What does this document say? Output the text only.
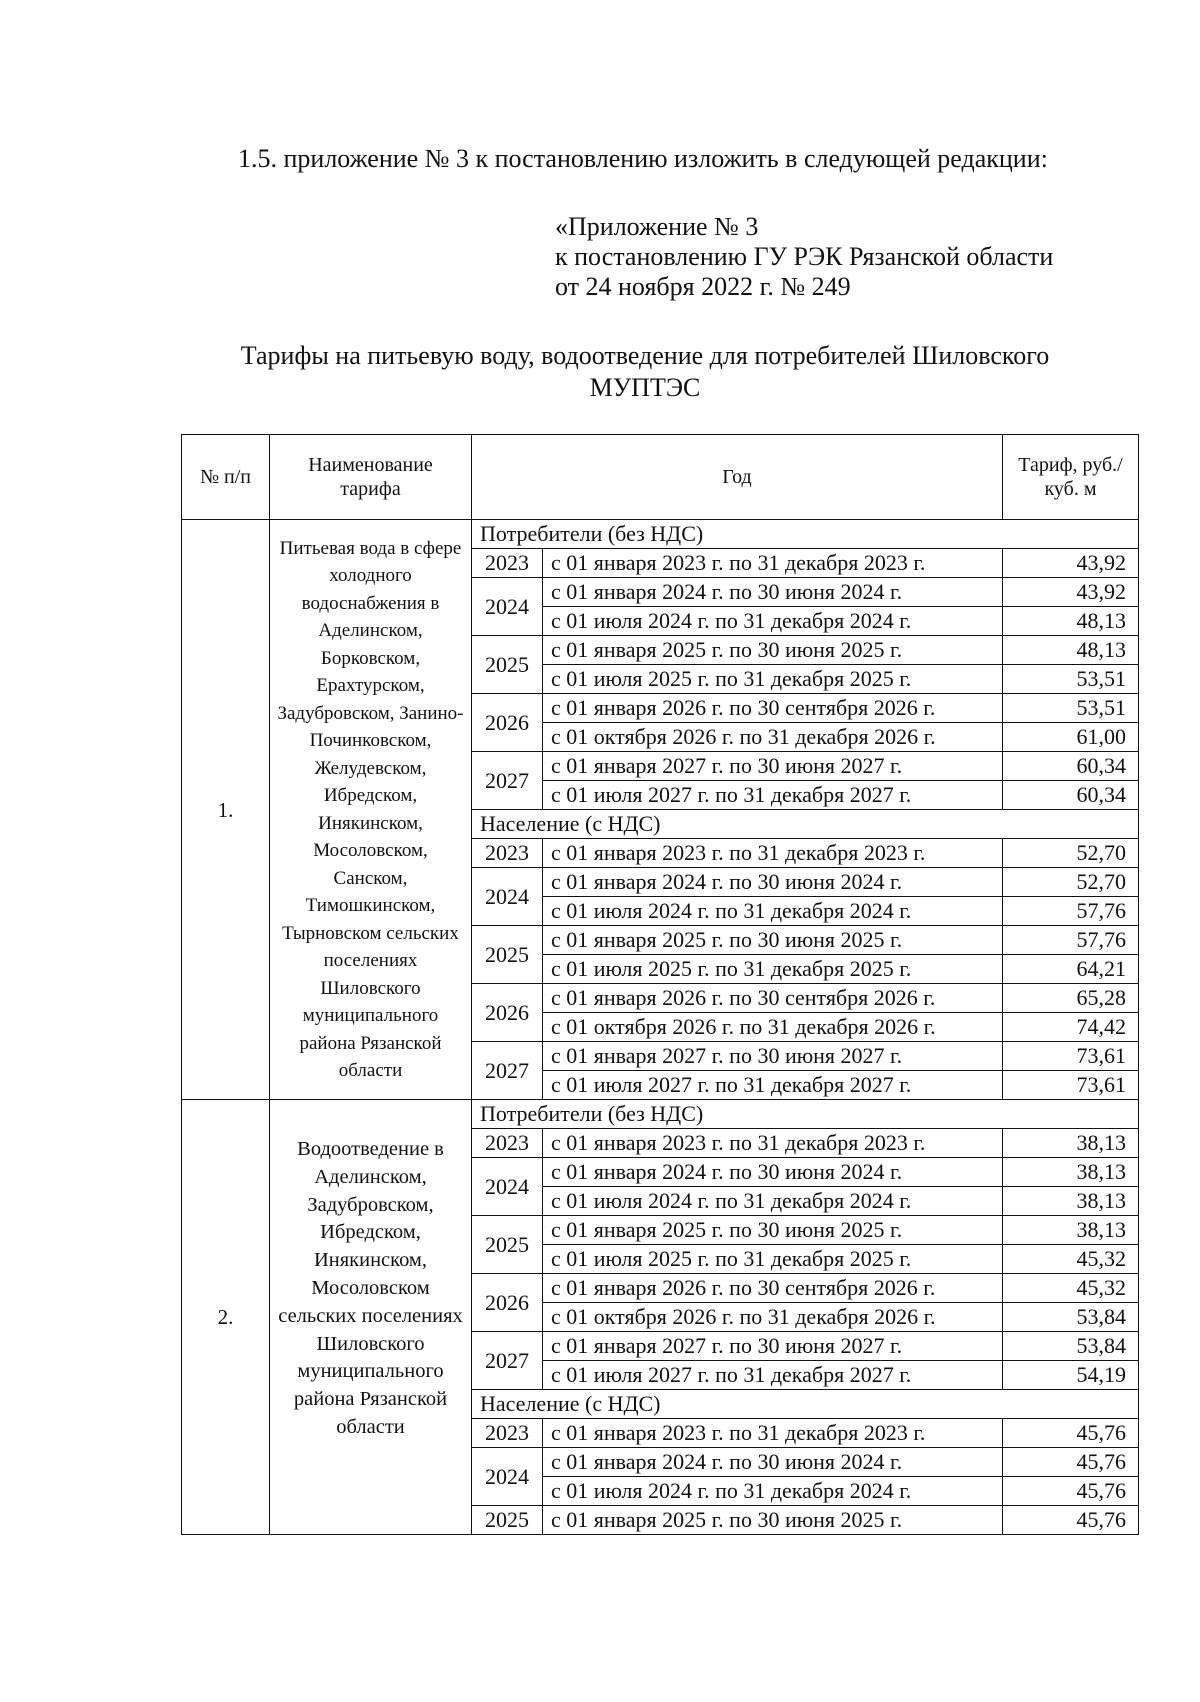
1.5. приложение № 3 к постановлению изложить в следующей редакции:
«Приложение № 3
к постановлению ГУ РЭК Рязанской области
от 24 ноября 2022 г. № 249
Тарифы на питьевую воду, водоотведение для потребителей Шиловского
МУПТЭС
№ п/п	Наименование тарифа	Год		Тариф, руб./куб. м
1.	Питьевая вода в сфере холодного водоснабжения в Аделинском, Борковском, Ерахтурском, Задубровском, Занино-Починковском, Желудевском, Ибредском, Инякинском, Мосоловском, Санском, Тимошкинском, Тырновском сельских поселениях Шиловского муниципального района Рязанской области	Потребители (без НДС)		
		2023	с 01 января 2023 г. по 31 декабря 2023 г.	43,92
		2024	с 01 января 2024 г. по 30 июня 2024 г.	43,92
			с 01 июля 2024 г. по 31 декабря 2024 г.	48,13
		2025	с 01 января 2025 г. по 30 июня 2025 г.	48,13
			с 01 июля 2025 г. по 31 декабря 2025 г.	53,51
		2026	с 01 января 2026 г. по 30 сентября 2026 г.	53,51
			с 01 октября 2026 г. по 31 декабря 2026 г.	61,00
		2027	с 01 января 2027 г. по 30 июня 2027 г.	60,34
			с 01 июля 2027 г. по 31 декабря 2027 г.	60,34
		Население (с НДС)		
		2023	с 01 января 2023 г. по 31 декабря 2023 г.	52,70
		2024	с 01 января 2024 г. по 30 июня 2024 г.	52,70
			с 01 июля 2024 г. по 31 декабря 2024 г.	57,76
		2025	с 01 января 2025 г. по 30 июня 2025 г.	57,76
			с 01 июля 2025 г. по 31 декабря 2025 г.	64,21
		2026	с 01 января 2026 г. по 30 сентября 2026 г.	65,28
			с 01 октября 2026 г. по 31 декабря 2026 г.	74,42
		2027	с 01 января 2027 г. по 30 июня 2027 г.	73,61
			с 01 июля 2027 г. по 31 декабря 2027 г.	73,61
2.	Водоотведение в Аделинском, Задубровском, Ибредском, Инякинском, Мосоловском сельских поселениях Шиловского муниципального района Рязанской области	Потребители (без НДС)		
		2023	с 01 января 2023 г. по 31 декабря 2023 г.	38,13
		2024	с 01 января 2024 г. по 30 июня 2024 г.	38,13
			с 01 июля 2024 г. по 31 декабря 2024 г.	38,13
		2025	с 01 января 2025 г. по 30 июня 2025 г.	38,13
			с 01 июля 2025 г. по 31 декабря 2025 г.	45,32
		2026	с 01 января 2026 г. по 30 сентября 2026 г.	45,32
			с 01 октября 2026 г. по 31 декабря 2026 г.	53,84
		2027	с 01 января 2027 г. по 30 июня 2027 г.	53,84
			с 01 июля 2027 г. по 31 декабря 2027 г.	54,19
		Население (с НДС)		
		2023	с 01 января 2023 г. по 31 декабря 2023 г.	45,76
		2024	с 01 января 2024 г. по 30 июня 2024 г.	45,76
			с 01 июля 2024 г. по 31 декабря 2024 г.	45,76
		2025	с 01 января 2025 г. по 30 июня 2025 г.	45,76
